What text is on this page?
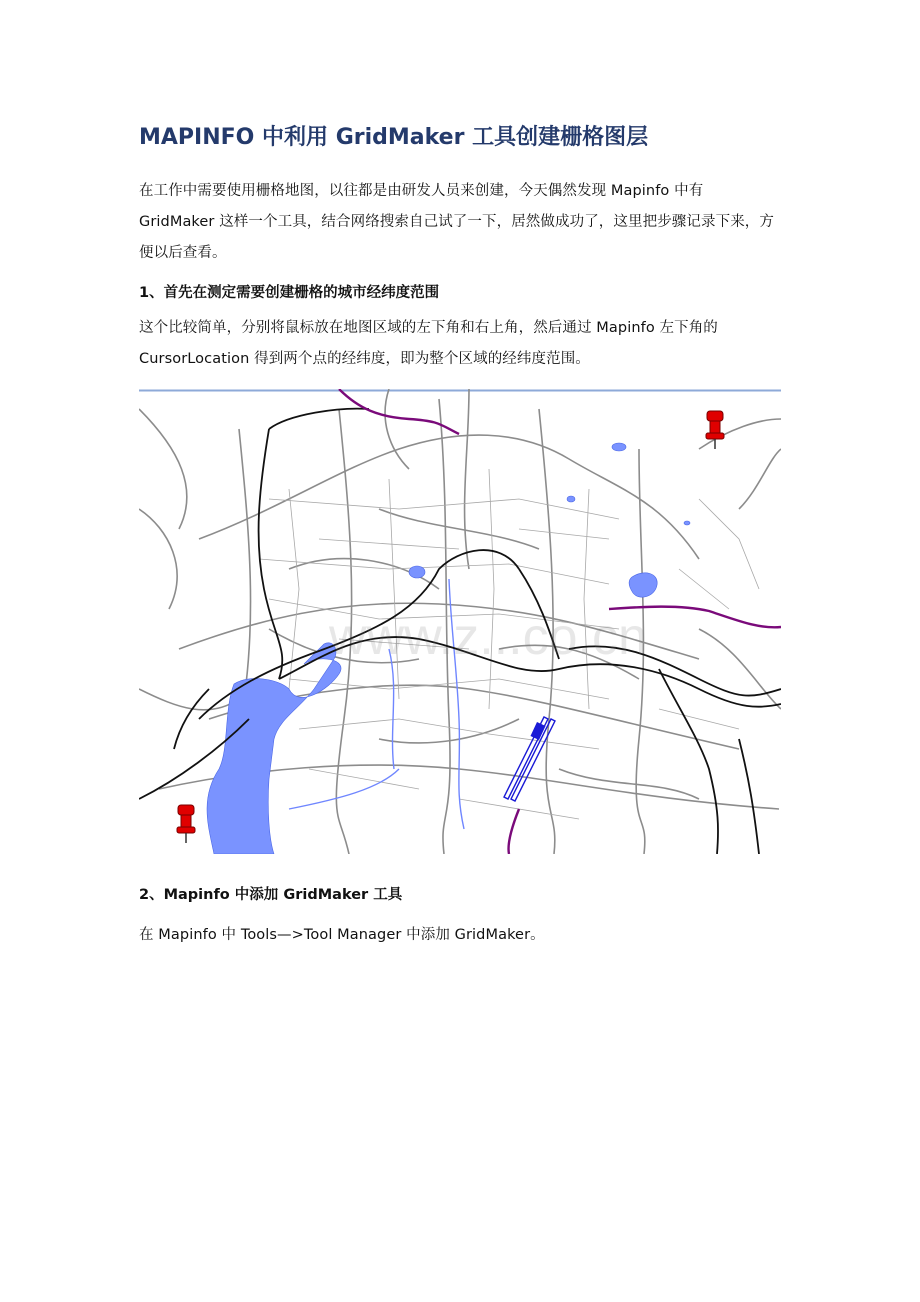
MAPINFO 中利用 GridMaker 工具创建栅格图层

在工作中需要使用栅格地图，以往都是由研发人员来创建，今天偶然发现 Mapinfo 中有 GridMaker 这样一个工具，结合网络搜索自己试了一下，居然做成功了，这里把步骤记录下来，方便以后查看。

1、首先在测定需要创建栅格的城市经纬度范围

这个比较简单，分别将鼠标放在地图区域的左下角和右上角，然后通过 Mapinfo 左下角的 CursorLocation 得到两个点的经纬度，即为整个区域的经纬度范围。

www.z...co.cn

2、Mapinfo 中添加 GridMaker 工具

在 Mapinfo 中 Tools—>Tool Manager 中添加 GridMaker。
